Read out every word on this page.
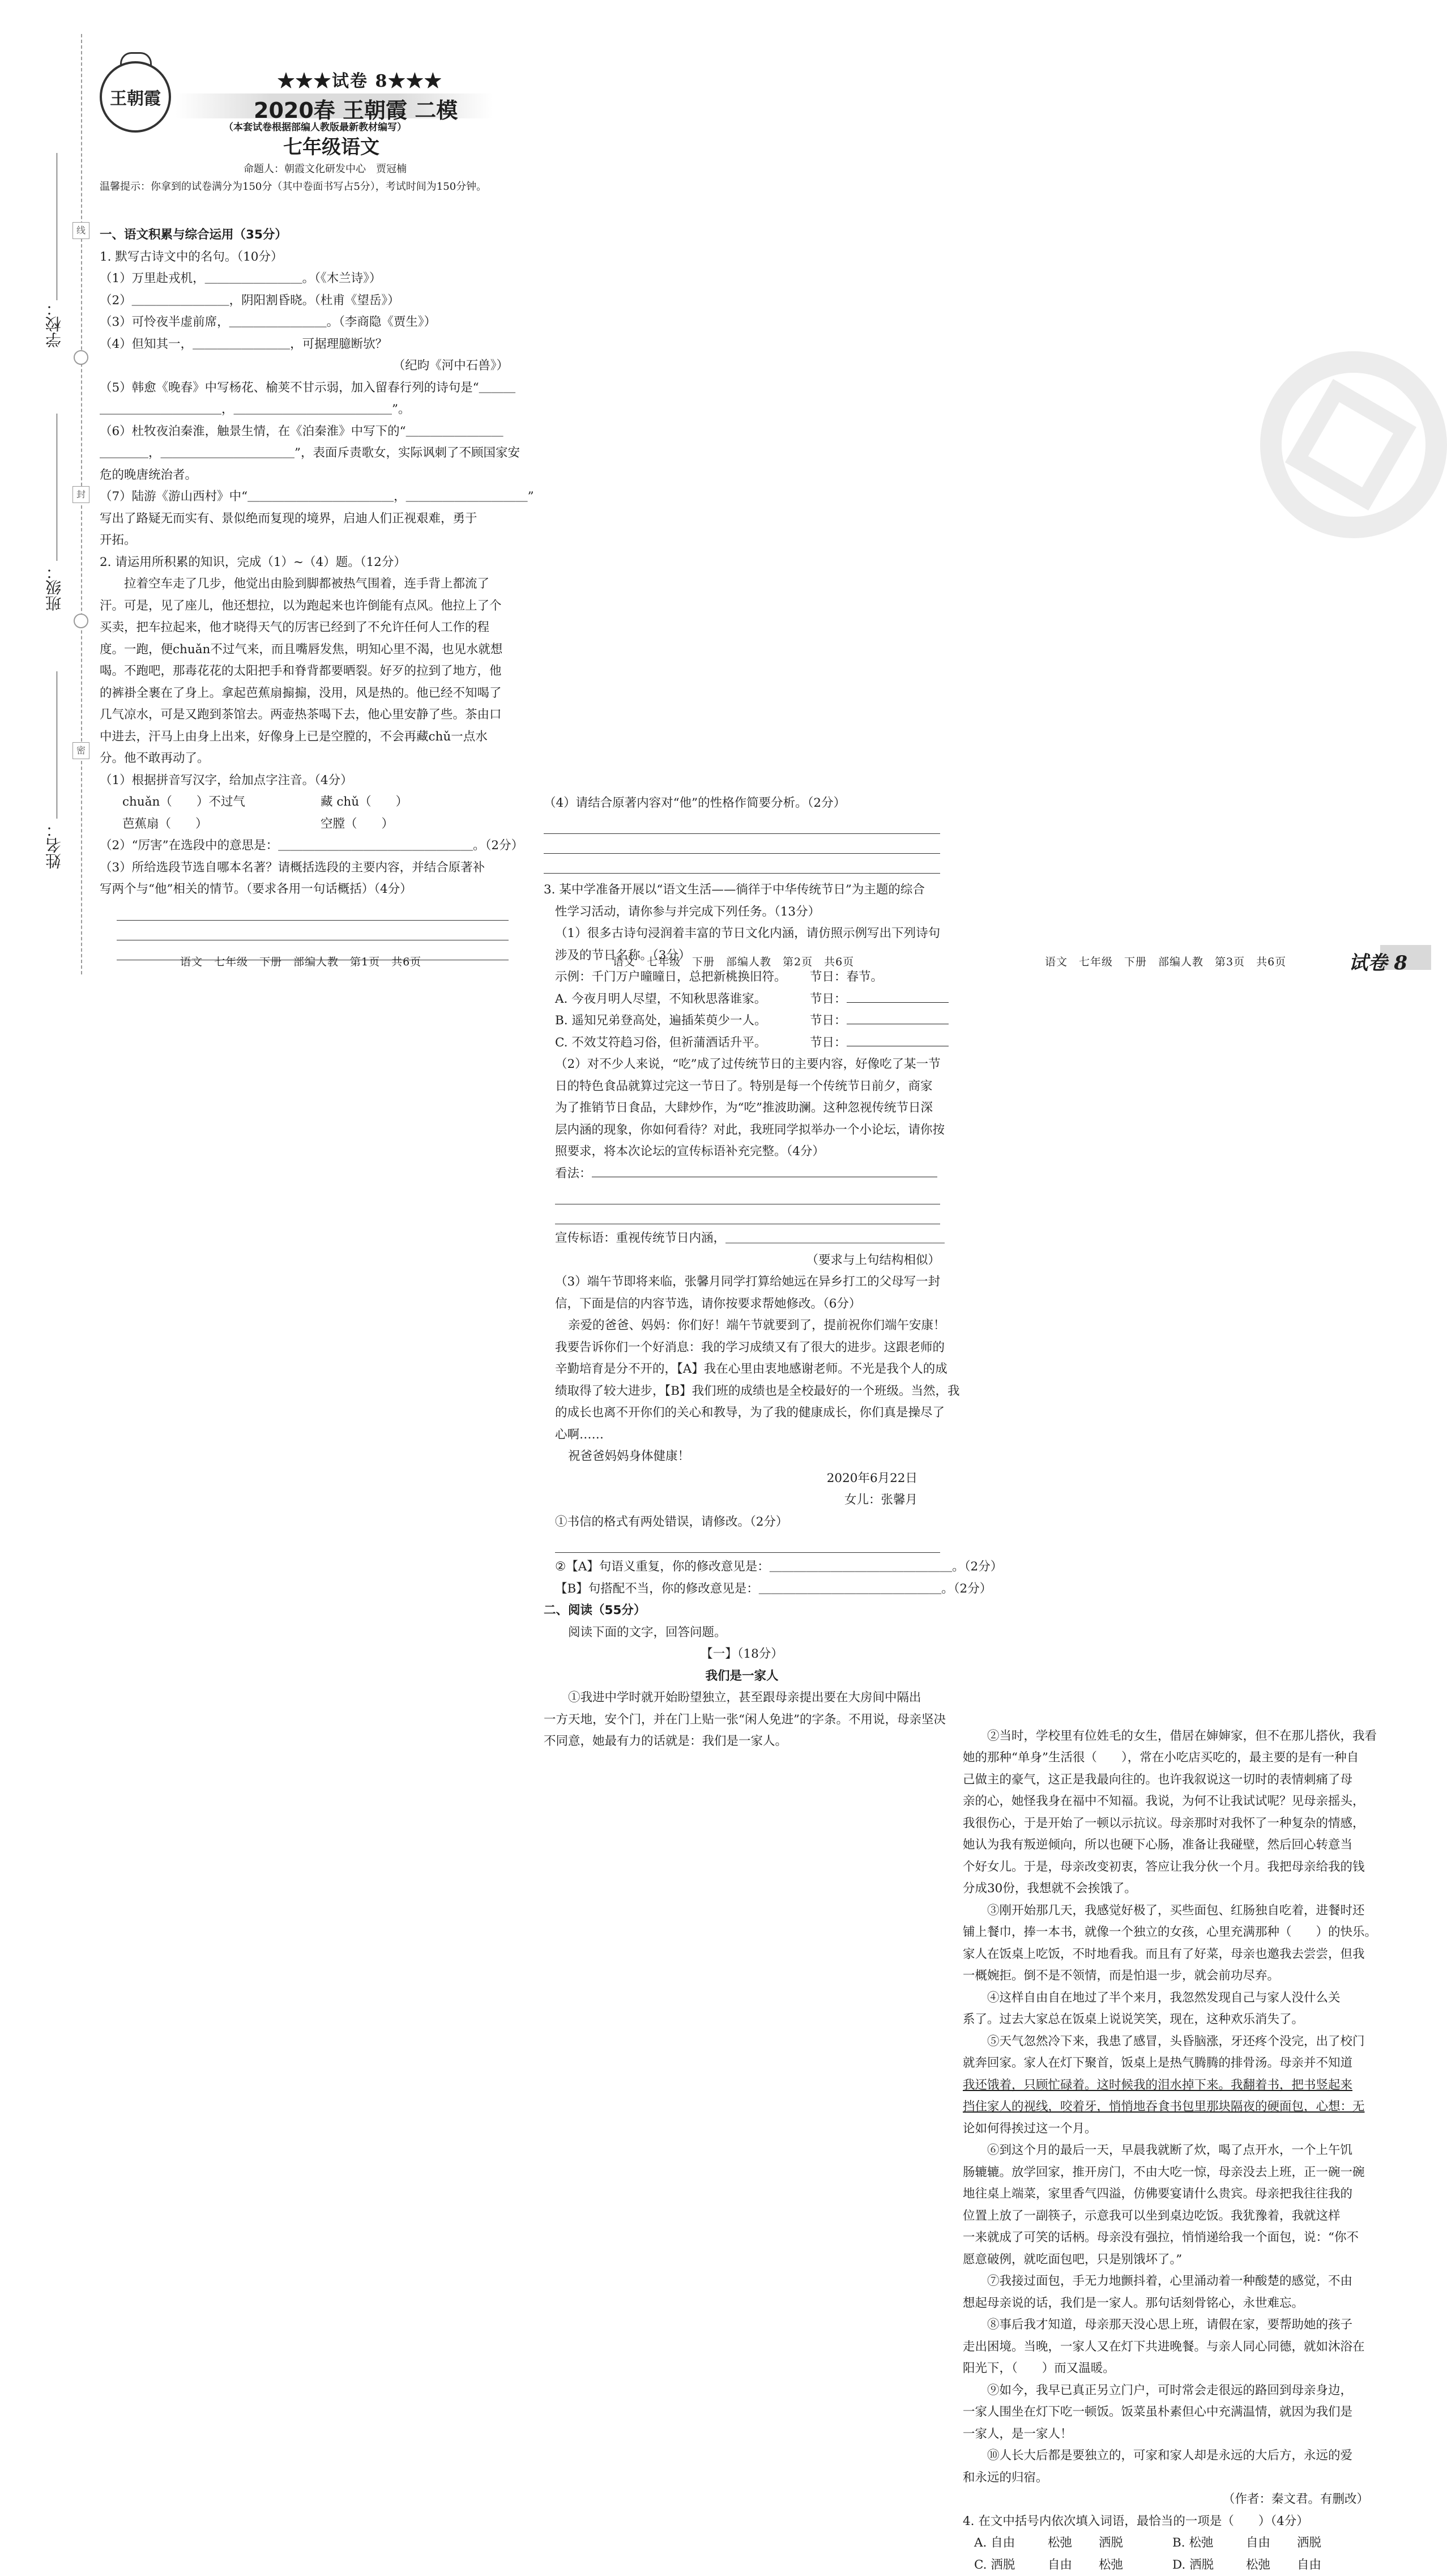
线
封
密
学校：
班级：
姓名：
王朝霞
★★★试卷 8★★★
2020春 王朝霞 二模
（本套试卷根据部编人教版最新教材编写）
七年级语文
命题人：朝霞文化研发中心　贾冠楠
温馨提示：你拿到的试卷满分为150分（其中卷面书写占5分），考试时间为150分钟。
一、语文积累与综合运用（35分）
1. 默写古诗文中的名句。（10分）
（1）万里赴戎机，＿＿＿＿＿＿＿＿。（《木兰诗》）
（2）＿＿＿＿＿＿＿＿，阴阳割昏晓。（杜甫《望岳》）
（3）可怜夜半虚前席，＿＿＿＿＿＿＿＿。（李商隐《贾生》）
（4）但知其一，＿＿＿＿＿＿＿＿，可据理臆断欤？
（纪昀《河中石兽》）
（5）韩愈《晚春》中写杨花、榆荚不甘示弱，加入留春行列的诗句是“＿＿＿
＿＿＿＿＿＿＿＿＿＿，＿＿＿＿＿＿＿＿＿＿＿＿＿”。
（6）杜牧夜泊秦淮，触景生情，在《泊秦淮》中写下的“＿＿＿＿＿＿＿＿
＿＿＿＿，＿＿＿＿＿＿＿＿＿＿＿”，表面斥责歌女，实际讽刺了不顾国家安
危的晚唐统治者。
（7）陆游《游山西村》中“＿＿＿＿＿＿＿＿＿＿＿＿，＿＿＿＿＿＿＿＿＿＿”
写出了路疑无而实有、景似绝而复现的境界，启迪人们正视艰难，勇于
开拓。
2. 请运用所积累的知识，完成（1）~（4）题。（12分）
拉着空车走了几步，他觉出由脸到脚都被热气围着，连手背上都流了
汗。可是，见了座儿，他还想拉，以为跑起来也许倒能有点风。他拉上了个
买卖，把车拉起来，他才晓得天气的厉害已经到了不允许任何人工作的程
度。一跑，便chuǎn不过气来，而且嘴唇发焦，明知心里不渴，也见水就想
喝。不跑吧，那毒花花的太阳把手和脊背都要晒裂。好歹的拉到了地方，他
的裤褂全裹在了身上。拿起芭蕉扇搧搧，没用，风是热的。他已经不知喝了
几气凉水，可是又跑到茶馆去。两壶热茶喝下去，他心里安静了些。茶由口
中进去，汗马上由身上出来，好像身上已是空膛的，不会再藏chǔ一点水
分。他不敢再动了。
（1）根据拼音写汉字，给加点字注音。（4分）
chuǎn（　　）不过气	藏 chǔ（　　）
芭蕉扇（　　）	空膛（　　）
（2）“厉害”在选段中的意思是：＿＿＿＿＿＿＿＿＿＿＿＿＿＿＿＿。（2分）
（3）所给选段节选自哪本名著？请概括选段的主要内容，并结合原著补
写两个与“他”相关的情节。（要求各用一句话概括）（4分）
语文　七年级　下册　部编人教　第1页　共6页
（4）请结合原著内容对“他”的性格作简要分析。（2分）
3. 某中学准备开展以“语文生活——徜徉于中华传统节日”为主题的综合
性学习活动，请你参与并完成下列任务。（13分）
（1）很多古诗句浸润着丰富的节日文化内涵，请仿照示例写出下列诗句
涉及的节日名称。（3分）
示例：千门万户曈曈日，总把新桃换旧符。 节日：春节。
A. 今夜月明人尽望，不知秋思落谁家。	节日：
B. 遥知兄弟登高处，遍插茱萸少一人。	节日：
C. 不效艾符趋习俗，但祈蒲酒话升平。	节日：
（2）对不少人来说，“吃”成了过传统节日的主要内容，好像吃了某一节
日的特色食品就算过完这一节日了。特别是每一个传统节日前夕，商家
为了推销节日食品，大肆炒作，为“吃”推波助澜。这种忽视传统节日深
层内涵的现象，你如何看待？对此，我班同学拟举办一个小论坛，请你按
照要求，将本次论坛的宣传标语补充完整。（4分）
看法：
宣传标语：重视传统节日内涵，＿＿＿＿＿＿＿＿＿＿＿＿＿＿＿＿＿＿
（要求与上句结构相似）
（3）端午节即将来临，张馨月同学打算给她远在异乡打工的父母写一封
信，下面是信的内容节选，请你按要求帮她修改。（6分）
亲爱的爸爸、妈妈：你们好！端午节就要到了，提前祝你们端午安康！
我要告诉你们一个好消息：我的学习成绩又有了很大的进步。这跟老师的
辛勤培育是分不开的，【A】我在心里由衷地感谢老师。不光是我个人的成
绩取得了较大进步，【B】我们班的成绩也是全校最好的一个班级。当然，我
的成长也离不开你们的关心和教导，为了我的健康成长，你们真是操尽了
心啊……
祝爸爸妈妈身体健康！
2020年6月22日
女儿：张馨月
①书信的格式有两处错误，请修改。（2分）
②【A】句语义重复，你的修改意见是：＿＿＿＿＿＿＿＿＿＿＿＿＿＿＿。（2分）
【B】句搭配不当，你的修改意见是：＿＿＿＿＿＿＿＿＿＿＿＿＿＿＿。（2分）
二、阅读（55分）
阅读下面的文字，回答问题。
【一】（18分）
我们是一家人
①我进中学时就开始盼望独立，甚至跟母亲提出要在大房间中隔出
一方天地，安个门，并在门上贴一张“闲人免进”的字条。不用说，母亲坚决
不同意，她最有力的话就是：我们是一家人。
语文　七年级　下册　部编人教　第2页　共6页
②当时，学校里有位姓毛的女生，借居在婶婶家，但不在那儿搭伙，我看
她的那种“单身”生活很（　　），常在小吃店买吃的，最主要的是有一种自
己做主的豪气，这正是我最向往的。也许我叙说这一切时的表情刺痛了母
亲的心，她怪我身在福中不知福。我说，为何不让我试试呢？见母亲摇头，
我很伤心，于是开始了一顿以示抗议。母亲那时对我怀了一种复杂的情感，
她认为我有叛逆倾向，所以也硬下心肠，准备让我碰壁，然后回心转意当
个好女儿。于是，母亲改变初衷，答应让我分伙一个月。我把母亲给我的钱
分成30份，我想就不会挨饿了。
③刚开始那几天，我感觉好极了，买些面包、红肠独自吃着，进餐时还
铺上餐巾，捧一本书，就像一个独立的女孩，心里充满那种（　　）的快乐。
家人在饭桌上吃饭，不时地看我。而且有了好菜，母亲也邀我去尝尝，但我
一概婉拒。倒不是不领情，而是怕退一步，就会前功尽弃。
④这样自由自在地过了半个来月，我忽然发现自己与家人没什么关
系了。过去大家总在饭桌上说说笑笑，现在，这种欢乐消失了。
⑤天气忽然冷下来，我患了感冒，头昏脑涨，牙还疼个没完，出了校门
就奔回家。家人在灯下聚首，饭桌上是热气腾腾的排骨汤。母亲并不知道
我还饿着，只顾忙碌着。这时候我的泪水掉下来。我翻着书，把书竖起来
挡住家人的视线，咬着牙，悄悄地吞食书包里那块隔夜的硬面包，心想：无
论如何得挨过这一个月。
⑥到这个月的最后一天，早晨我就断了炊，喝了点开水，一个上午饥
肠辘辘。放学回家，推开房门，不由大吃一惊，母亲没去上班，正一碗一碗
地往桌上端菜，家里香气四溢，仿佛要宴请什么贵宾。母亲把我往往我的
位置上放了一副筷子，示意我可以坐到桌边吃饭。我犹豫着，我就这样
一来就成了可笑的话柄。母亲没有强拉，悄悄递给我一个面包，说：“你不
愿意破例，就吃面包吧，只是别饿坏了。”
⑦我接过面包，手无力地颤抖着，心里涌动着一种酸楚的感觉，不由
想起母亲说的话，我们是一家人。那句话刻骨铭心，永世难忘。
⑧事后我才知道，母亲那天没心思上班，请假在家，要帮助她的孩子
走出困境。当晚，一家人又在灯下共进晚餐。与亲人同心同德，就如沐浴在
阳光下，（　　）而又温暖。
⑨如今，我早已真正另立门户，可时常会走很远的路回到母亲身边，
一家人围坐在灯下吃一顿饭。饭菜虽朴素但心中充满温情，就因为我们是
一家人，是一家人！
⑩人长大后都是要独立的，可家和家人却是永远的大后方，永远的爱
和永远的归宿。
（作者：秦文君。有删改）
4. 在文中括号内依次填入词语，最恰当的一项是（　　）（4分）
A. 自由	松弛	洒脱	B. 松弛	自由	洒脱
C. 洒脱	自由	松弛	D. 洒脱	松弛	自由
语文　七年级　下册　部编人教　第3页　共6页	试卷 8
